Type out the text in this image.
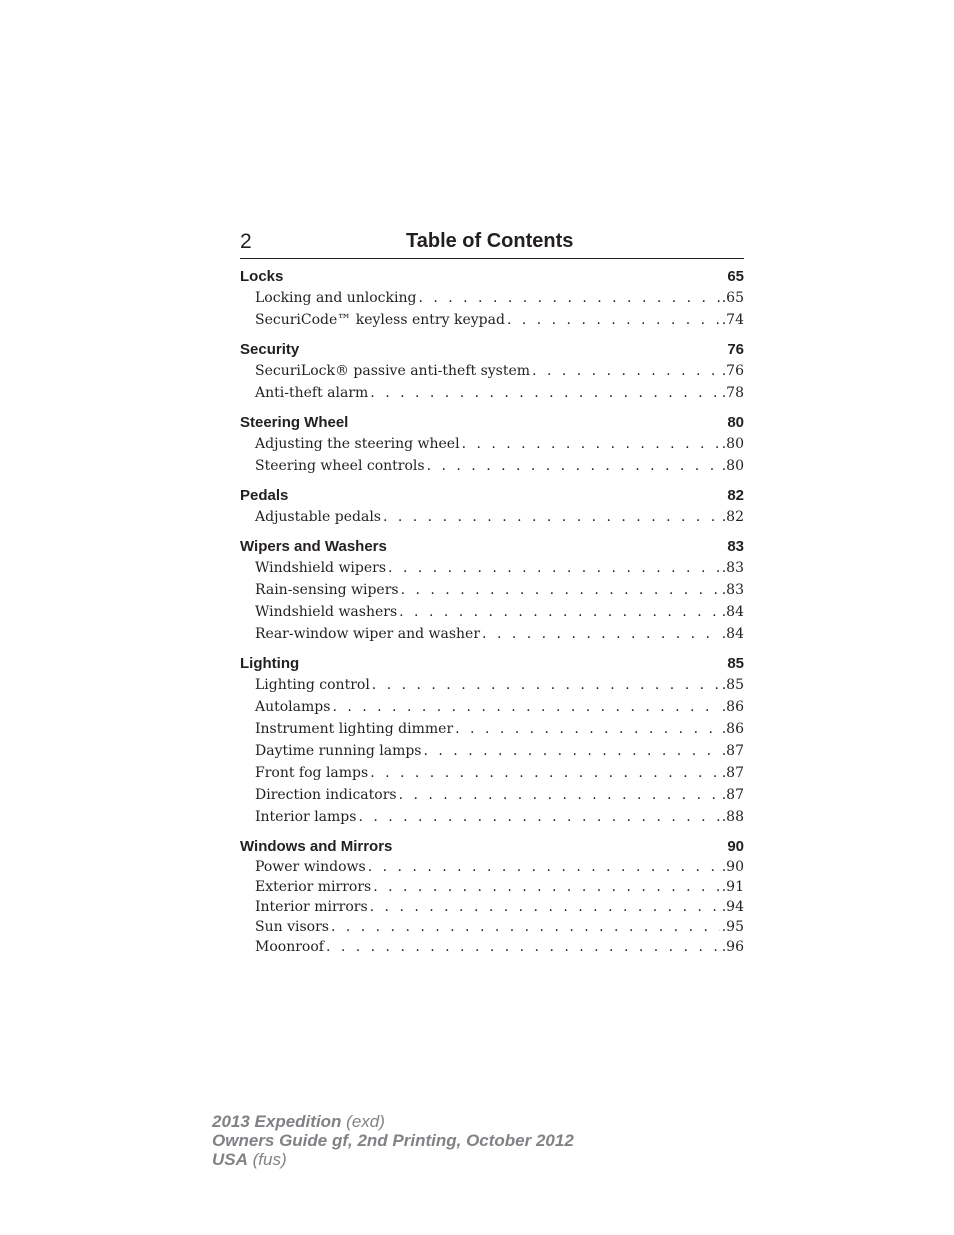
2	Table of Contents
Locks	65
Locking and unlocking . . .	.65
SecuriCode™ keyless entry keypad . . .	.74
Security	76
SecuriLock® passive anti-theft system . . .	.76
Anti-theft alarm . . .	.78
Steering Wheel	80
Adjusting the steering wheel . . .	.80
Steering wheel controls . . .	.80
Pedals	82
Adjustable pedals . . .	.82
Wipers and Washers	83
Windshield wipers . . .	.83
Rain-sensing wipers . . .	.83
Windshield washers . . .	.84
Rear-window wiper and washer . . .	.84
Lighting	85
Lighting control . . .	.85
Autolamps . . .	.86
Instrument lighting dimmer . . .	.86
Daytime running lamps . . .	.87
Front fog lamps . . .	.87
Direction indicators . . .	.87
Interior lamps . . .	.88
Windows and Mirrors	90
Power windows . . .	.90
Exterior mirrors . . .	.91
Interior mirrors . . .	.94
Sun visors . . .	.95
Moonroof . . .	.96
2013 Expedition (exd)
Owners Guide gf, 2nd Printing, October 2012
USA (fus)
